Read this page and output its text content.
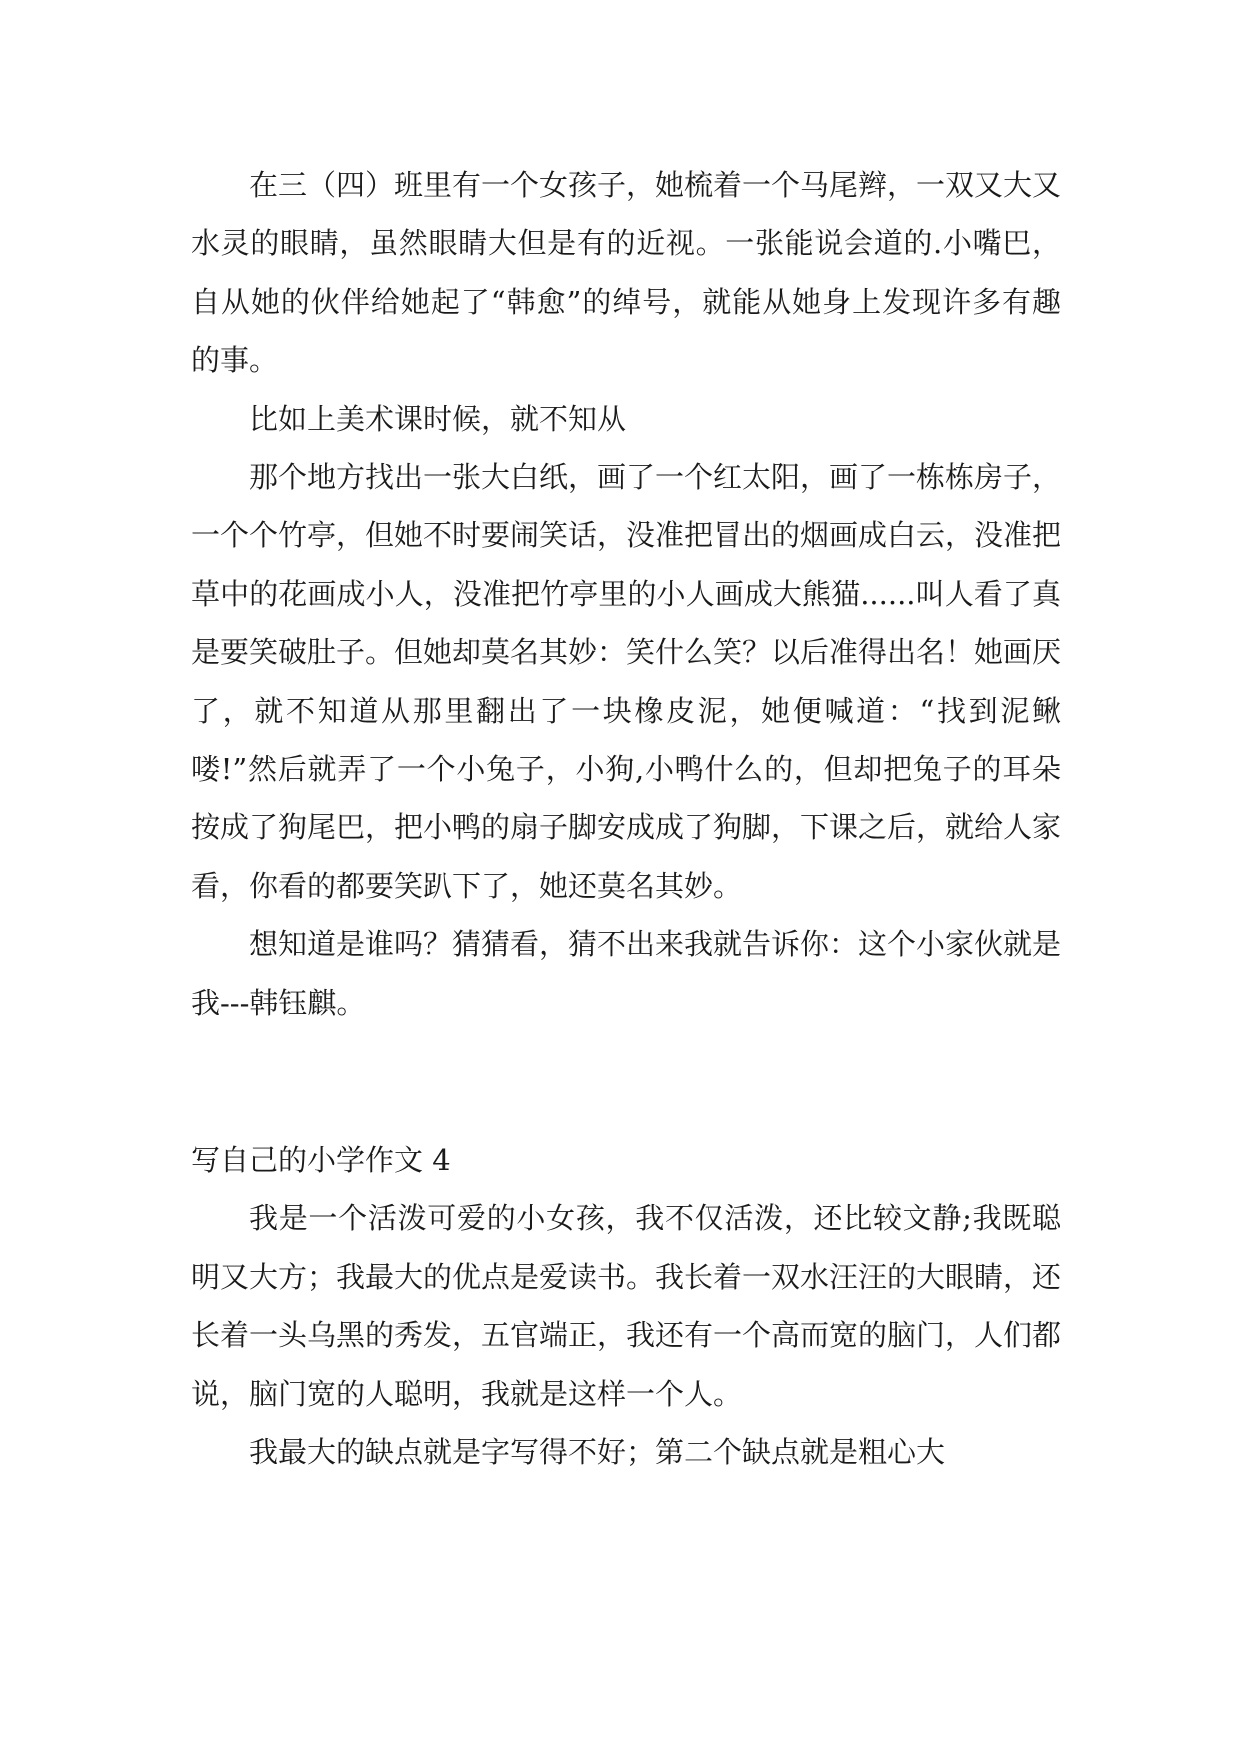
在三（四）班里有一个女孩子，她梳着一个马尾辫，一双又大又水灵的眼睛，虽然眼睛大但是有的近视。一张能说会道的.小嘴巴，自从她的伙伴给她起了“韩愈”的绰号，就能从她身上发现许多有趣的事。

比如上美术课时候，就不知从

那个地方找出一张大白纸，画了一个红太阳，画了一栋栋房子，一个个竹亭，但她不时要闹笑话，没准把冒出的烟画成白云，没准把草中的花画成小人，没准把竹亭里的小人画成大熊猫......叫人看了真是要笑破肚子。但她却莫名其妙：笑什么笑？以后准得出名！她画厌了，就不知道从那里翻出了一块橡皮泥，她便喊道：“找到泥鳅喽!”然后就弄了一个小兔子，小狗,小鸭什么的，但却把兔子的耳朵按成了狗尾巴，把小鸭的扇子脚安成成了狗脚，下课之后，就给人家看，你看的都要笑趴下了，她还莫名其妙。

想知道是谁吗？猜猜看，猜不出来我就告诉你：这个小家伙就是我---韩钰麒。

写自己的小学作文 4

我是一个活泼可爱的小女孩，我不仅活泼，还比较文静;我既聪明又大方；我最大的优点是爱读书。我长着一双水汪汪的大眼睛，还长着一头乌黑的秀发，五官端正，我还有一个高而宽的脑门，人们都说，脑门宽的人聪明，我就是这样一个人。

我最大的缺点就是字写得不好；第二个缺点就是粗心大
